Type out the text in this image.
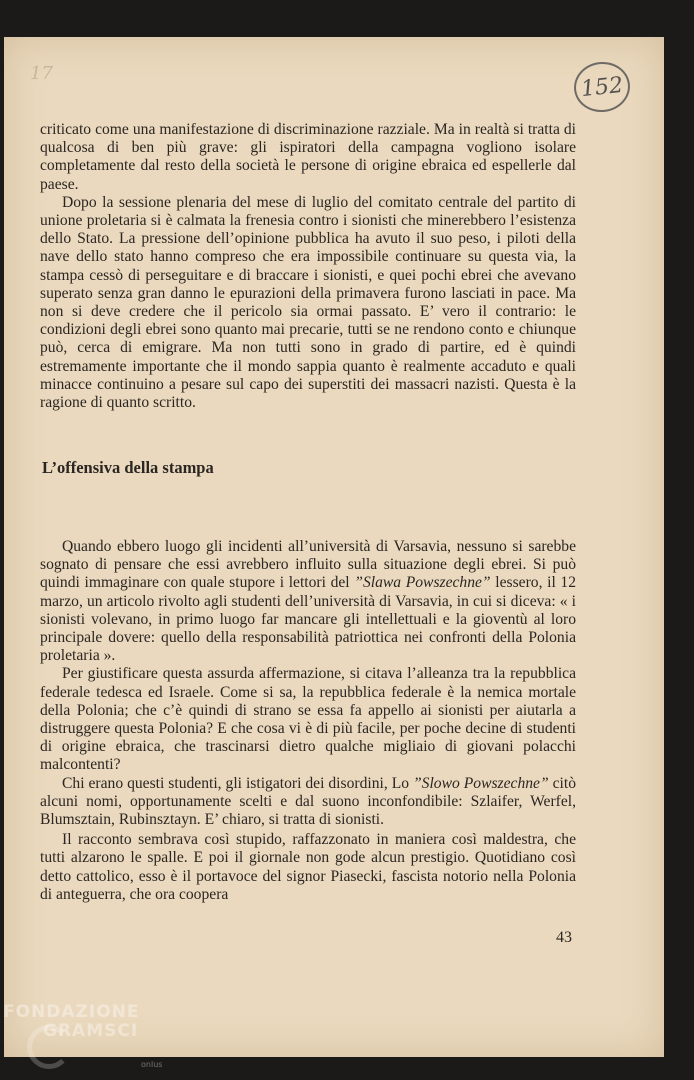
17	152

criticato come una manifestazione di discriminazione razziale. Ma in realtà si tratta di qualcosa di ben più grave: gli ispiratori della campagna vogliono isolare completamente dal resto della società le persone di origine ebraica ed espellerle dal paese.

Dopo la sessione plenaria del mese di luglio del comitato centrale del partito di unione proletaria si è calmata la frenesia contro i sionisti che minerebbero l’esistenza dello Stato. La pressione dell’opinione pubblica ha avuto il suo peso, i piloti della nave dello stato hanno compreso che era impossibile continuare su questa via, la stampa cessò di perseguitare e di braccare i sionisti, e quei pochi ebrei che avevano superato senza gran danno le epurazioni della primavera furono lasciati in pace. Ma non si deve credere che il pericolo sia ormai passato. E’ vero il contrario: le condizioni degli ebrei sono quanto mai precarie, tutti se ne rendono conto e chiunque può, cerca di emigrare. Ma non tutti sono in grado di partire, ed è quindi estremamente importante che il mondo sappia quanto è realmente accaduto e quali minacce continuino a pesare sul capo dei superstiti dei massacri nazisti. Questa è la ragione di quanto scritto.

L’offensiva della stampa

Quando ebbero luogo gli incidenti all’università di Varsavia, nessuno si sarebbe sognato di pensare che essi avrebbero influito sulla situazione degli ebrei. Si può quindi immaginare con quale stupore i lettori del ”Slawa Powszechne” lessero, il 12 marzo, un articolo rivolto agli studenti dell’università di Varsavia, in cui si diceva: « i sionisti volevano, in primo luogo far mancare gli intellettuali e la gioventù al loro principale dovere: quello della responsabilità patriottica nei confronti della Polonia proletaria ».

Per giustificare questa assurda affermazione, si citava l’alleanza tra la repubblica federale tedesca ed Israele. Come si sa, la repubblica federale è la nemica mortale della Polonia; che c’è quindi di strano se essa fa appello ai sionisti per aiutarla a distruggere questa Polonia? E che cosa vi è di più facile, per poche decine di studenti di origine ebraica, che trascinarsi dietro qualche migliaio di giovani polacchi malcontenti?

Chi erano questi studenti, gli istigatori dei disordini, Lo ”Slowo Powszechne” citò alcuni nomi, opportunamente scelti e dal suono inconfondibile: Szlaifer, Werfel, Blumsztain, Rubinsztayn. E’ chiaro, si tratta di sionisti.

Il racconto sembrava così stupido, raffazzonato in maniera così maldestra, che tutti alzarono le spalle. E poi il giornale non gode alcun prestigio. Quotidiano così detto cattolico, esso è il portavoce del signor Piasecki, fascista notorio nella Polonia di anteguerra, che ora coopera

43
FONDAZIONE
GRAMSCI
onlus
